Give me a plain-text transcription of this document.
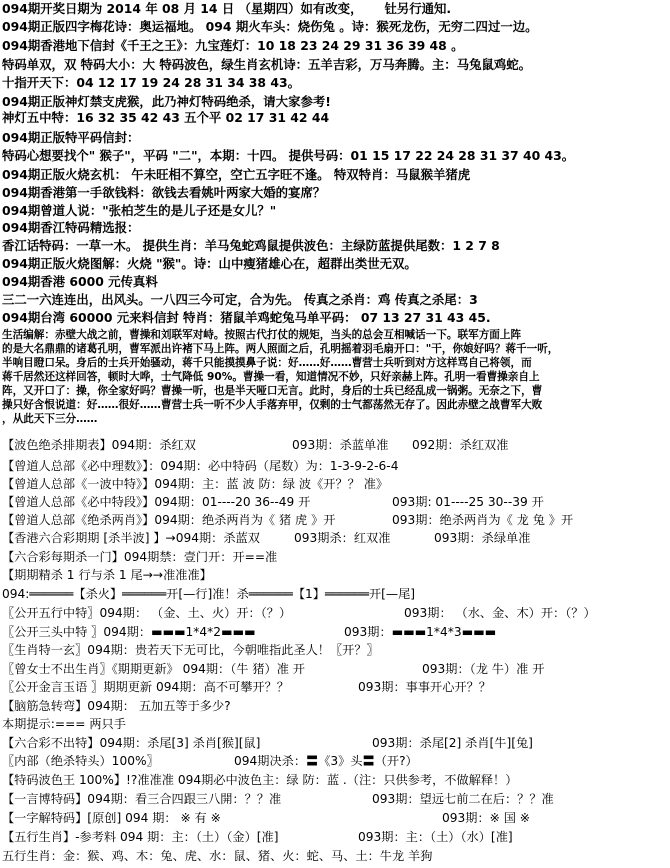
094期开奖日期为 2014 年 08 月 14 日 （星期四）如有改变， 钍另行通知.
094期正版四字梅花诗：奥运福地。 094 期火车头：烧伤兔 。诗：猴死龙伤，无穷二四过一边。
094期香港地下信封《千王之王》：九宝莲灯：10 18 23 24 29 31 36 39 48 。
特码单双，双 特码大小：大 特码波色，绿生肖玄机诗：五羊吉彩，万马奔腾。主：马兔鼠鸡蛇。
十指开天下：04 12 17 19 24 28 31 34 38 43。
094期正版神灯禁支虎猴，此乃神灯特码绝杀，请大家参考!
神灯五中特：16 32 35 42 43 五个平 02 17 31 42 44
094期正版特平码信封：
特码心想要找个" 猴子"，平码 "二"，本期：十四。 提供号码：01 15 17 22 24 28 31 37 40 43。
094期正版火烧玄机： 午未旺相不算空，空亡五字旺不逢。 特双特肖：马鼠猴羊猪虎
094期香港第一手欲钱料：欲钱去看姚叶两家大婚的宴席？
094期曾道人说："张柏芝生的是儿子还是女儿？"
094期香江特码精选报：
香江话特码：一草一木。 提供生肖：羊马兔蛇鸡鼠提供波色：主绿防蓝提供尾数：1 2 7 8
094期正版火烧图解：火烧 "猴"。诗：山中瘦猪雄心在，超群出类世无双。
094期香港 6000 元传真料
三二一六连连出，出风头。一八四三今可定，合为先。 传真之杀肖：鸡 传真之杀尾：3
094期台湾 60000 元来料信封 特肖：猪鼠羊鸡蛇兔马单平码： 07 13 27 31 43 45.
生活编解：赤壁大战之前，曹操和刘联军对峙。按照古代打仗的规矩，当头的总会互相喊话一下。联军方面上阵
的是大名鼎鼎的诸葛孔明，曹军派出许褚下马上阵。两人照面之后，孔明摇着羽毛扇开口："干，你娘好吗？蒋千一听，
半响目瞪口呆。身后的士兵开始骚动，蒋千只能摸摸鼻子说：好……好……曹营士兵听到对方这样骂自己将领，而
蒋千居然还这样回答，顿时大哗，士气降低 90%。曹操一看，知道情况不妙，只好亲赫上阵。孔明一看曹操亲自上
阵，又开口了：操，你全家好吗？曹操一听，也是半天哑口无言。此时，身后的士兵已经乱成一锅粥。无奈之下，曹
操只好含恨说道：好……很好……曹营士兵一听不少人手落弃甲，仅剩的士气都荡然无存了。因此赤壁之战曹军大败
，从此天下三分……
【波色绝杀排期表】094期：杀红双	093期：杀蓝单准 092期：杀红双准
【曾道人总部《必中理数》】：094期：必中特码（尾数）为：1-3-9-2-6-4
【曾道人总部《一波中特》】094期：主：蓝 波 防：绿 波《开？？ 准》
【曾道人总部《必中特段》】094期：01----20 36--49 开	093期: 01----25 30--39 开
【曾道人总部《绝杀两肖》】094期：绝杀两肖为《 猪 虎 》开	093期：绝杀两肖为《 龙 兔 》开
【香港六合彩期期 [杀半波] 】→094期：杀蓝双	093期杀：红双准	093期：杀绿单准
【六合彩每期杀一门】094期禁：壹门开：开==准
【期期精杀 1 行与杀 1 尾→→准准准】
094:══════【杀火】══════开[—行]准！杀══════【1】══════开[—尾]
〖公开五行中特〗094期： （金、土、火）开：（？）	093期： （水、金、木）开：（？）
〖公开三头中特 〗094期：▬▬▬1*4*2▬▬▬	093期：▬▬▬1*4*3▬▬▬
〖生肖特一玄〗094期：贵若天下无可比，今朝唯指此圣人！〖开？〗
〖曾女士不出生肖〗《期期更新》 094期：（牛 猪）准 开	093期：（龙 牛）准 开
〖公开金言玉语 〗期期更新 094期：高不可攀开？？	093期：事事开心开？？
【脑筋急转弯】094期： 五加五等于多少?
本期提示:=== 两只手
【六合彩不出特】094期：杀尾[3] 杀肖[猴][鼠]	093期：杀尾[2] 杀肖[牛][兔]
〖内部（绝杀特头）100%〗	094期决杀：〓《3》头〓（开?）
【特码波色王 100%】!?准准准 094期必中波色主：绿 防：蓝 .（注：只供参考，不做解释！）
【一言博特码】094期：看三合四跟三八開：？？准	093期：望远七前二在后：？？准
【一字解特码】[原创] 094 期： ※ 有 ※	093期：※ 国 ※
【五行生肖】-参考料 094 期：主：（土）（金）[准]	093期：主：（土）（水）[准]
五行生肖：金：猴、鸡、木：兔、虎、水：鼠、猪、火：蛇、马、土：牛龙 羊狗
